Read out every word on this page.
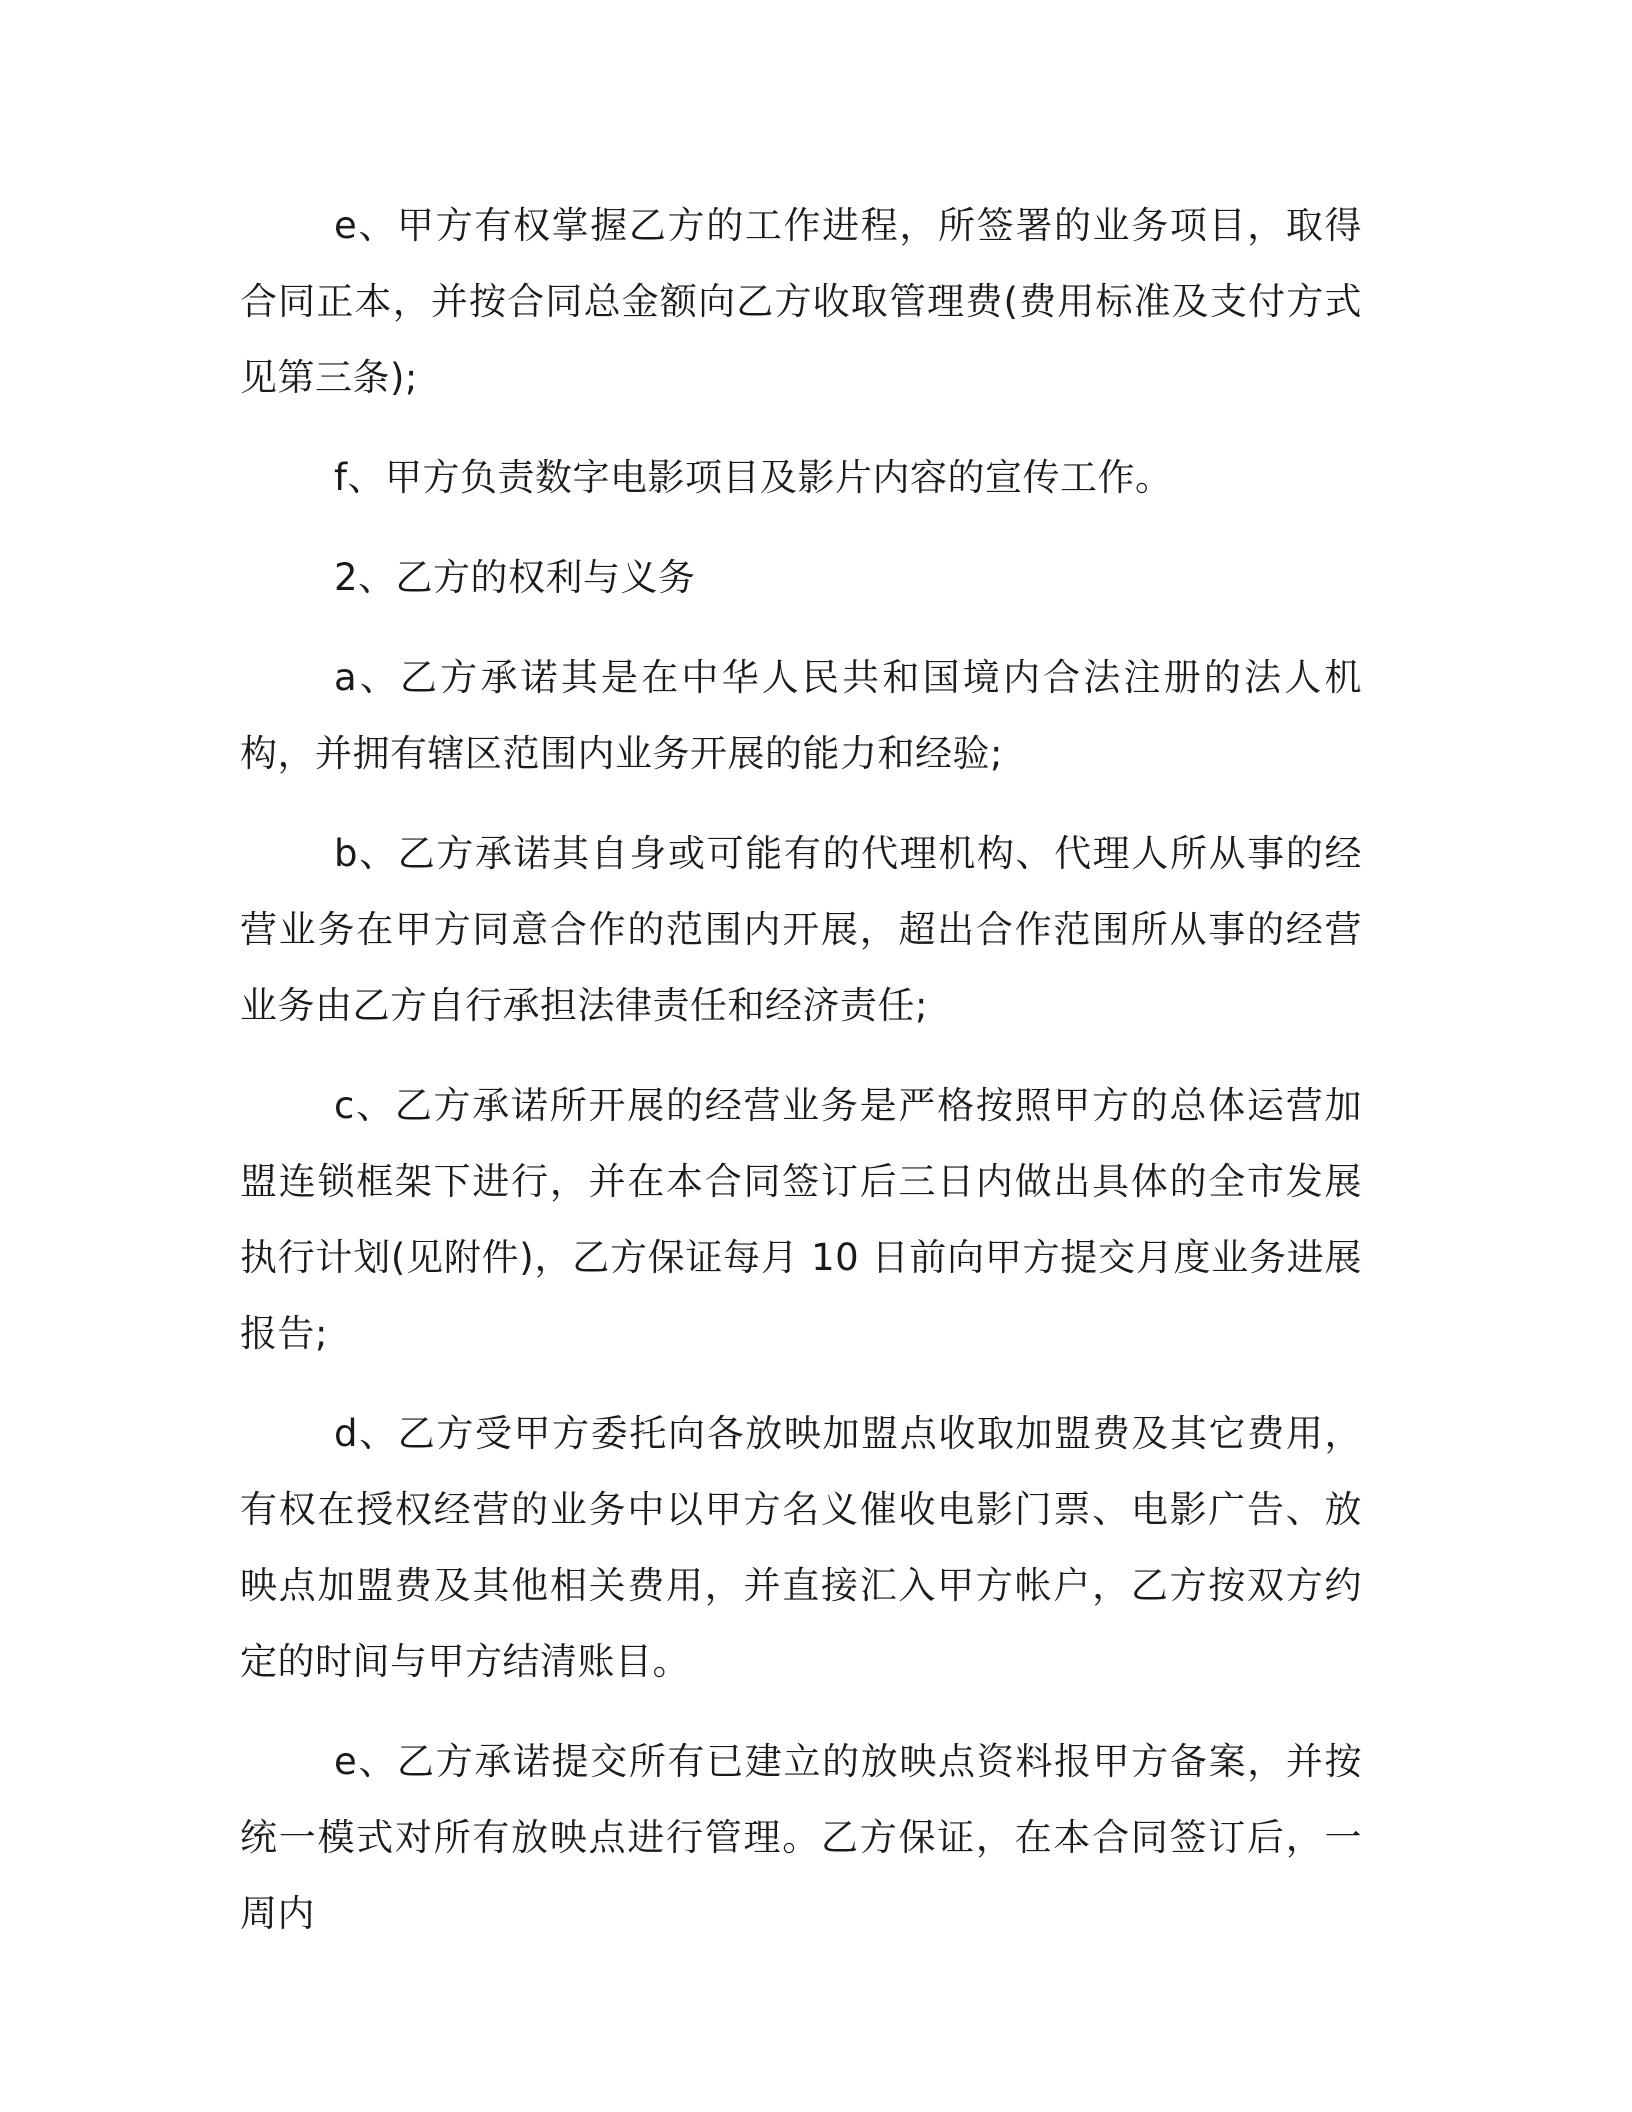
e、甲方有权掌握乙方的工作进程，所签署的业务项目，取得合同正本，并按合同总金额向乙方收取管理费(费用标准及支付方式见第三条);

f、甲方负责数字电影项目及影片内容的宣传工作。

2、乙方的权利与义务

a、乙方承诺其是在中华人民共和国境内合法注册的法人机构，并拥有辖区范围内业务开展的能力和经验;

b、乙方承诺其自身或可能有的代理机构、代理人所从事的经营业务在甲方同意合作的范围内开展，超出合作范围所从事的经营业务由乙方自行承担法律责任和经济责任;

c、乙方承诺所开展的经营业务是严格按照甲方的总体运营加盟连锁框架下进行，并在本合同签订后三日内做出具体的全市发展执行计划(见附件)，乙方保证每月 10 日前向甲方提交月度业务进展报告;

d、乙方受甲方委托向各放映加盟点收取加盟费及其它费用，有权在授权经营的业务中以甲方名义催收电影门票、电影广告、放映点加盟费及其他相关费用，并直接汇入甲方帐户，乙方按双方约定的时间与甲方结清账目。

e、乙方承诺提交所有已建立的放映点资料报甲方备案，并按统一模式对所有放映点进行管理。乙方保证，在本合同签订后，一周内
